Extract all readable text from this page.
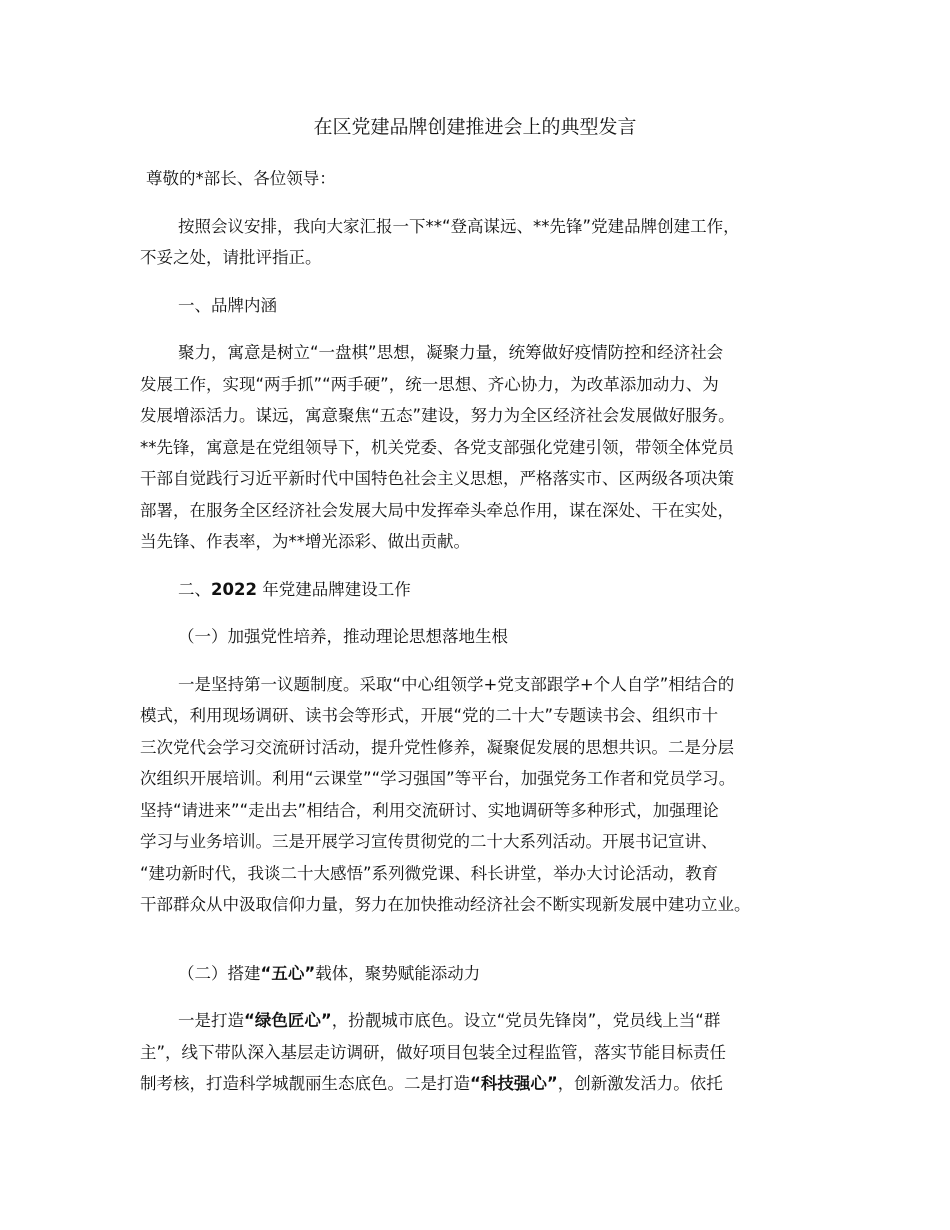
在区党建品牌创建推进会上的典型发言

尊敬的*部长、各位领导：

按照会议安排，我向大家汇报一下**“登高谋远、**先锋”党建品牌创建工作，

不妥之处，请批评指正。

一、品牌内涵

聚力，寓意是树立“一盘棋”思想，凝聚力量，统筹做好疫情防控和经济社会

发展工作，实现“两手抓”“两手硬”，统一思想、齐心协力，为改革添加动力、为

发展增添活力。谋远，寓意聚焦“五态”建设，努力为全区经济社会发展做好服务。

**先锋，寓意是在党组领导下，机关党委、各党支部强化党建引领，带领全体党员

干部自觉践行习近平新时代中国特色社会主义思想，严格落实市、区两级各项决策

部署，在服务全区经济社会发展大局中发挥牵头牵总作用，谋在深处、干在实处，

当先锋、作表率，为**增光添彩、做出贡献。

二、2022 年党建品牌建设工作

（一）加强党性培养，推动理论思想落地生根

一是坚持第一议题制度。采取“中心组领学+党支部跟学+个人自学”相结合的

模式，利用现场调研、读书会等形式，开展“党的二十大”专题读书会、组织市十

三次党代会学习交流研讨活动，提升党性修养，凝聚促发展的思想共识。二是分层

次组织开展培训。利用“云课堂”“学习强国”等平台，加强党务工作者和党员学习。

坚持“请进来”“走出去”相结合，利用交流研讨、实地调研等多种形式，加强理论

学习与业务培训。三是开展学习宣传贯彻党的二十大系列活动。开展书记宣讲、

“建功新时代，我谈二十大感悟”系列微党课、科长讲堂，举办大讨论活动，教育

干部群众从中汲取信仰力量，努力在加快推动经济社会不断实现新发展中建功立业。

（二）搭建“五心”载体，聚势赋能添动力

一是打造“绿色匠心”，扮靓城市底色。设立“党员先锋岗”，党员线上当“群

主”，线下带队深入基层走访调研，做好项目包装全过程监管，落实节能目标责任

制考核，打造科学城靓丽生态底色。二是打造“科技强心”，创新激发活力。依托
